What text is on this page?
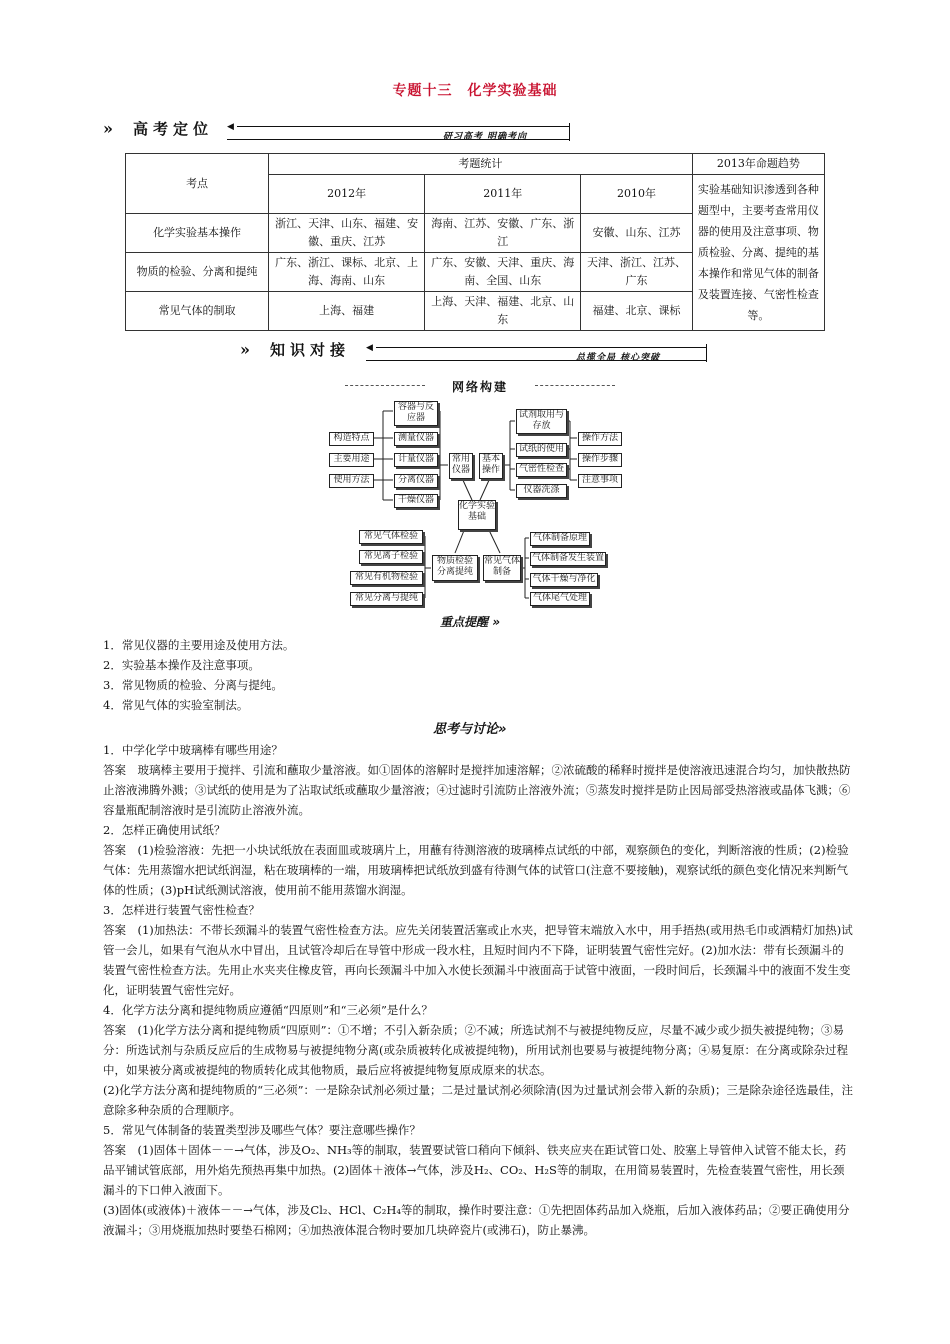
专题十三　化学实验基础
» 高考定位 ◀
研习高考 明确考向
考点	考题统计			2013年命题趋势
	2012年	2011年	2010年	实验基础知识渗透到各种题型中，主要考查常用仪器的使用及注意事项、物质检验、分离、提纯的基本操作和常见气体的制备及装置连接、气密性检查等。
化学实验基本操作	浙江、天津、山东、福建、安徽、重庆、江苏	海南、江苏、安徽、广东、浙江	安徽、山东、江苏	
物质的检验、分离和提纯	广东、浙江、课标、北京、上海、海南、山东	广东、安徽、天津、重庆、海南、全国、山东	天津、浙江、江苏、广东	
常见气体的制取	上海、福建	上海、天津、福建、北京、山东	福建、北京、课标	
» 知识对接 ◀
总揽全局 核心突破
网络构建
构造特点
主要用途
使用方法
容器与反应器
测量仪器
计量仪器
分离仪器
干燥仪器
常用仪器
基本操作
试剂取用与存放
试纸的使用
气密性检查
仪器洗涤
操作方法
操作步骤
注意事项
化学实验基础
常见气体检验
常见离子检验
常见有机物检验
常见分离与提纯
物质检验分离提纯
常见气体制备
气体制备原理
气体制备发生装置
气体干燥与净化
气体尾气处理
重点提醒 »
1．常见仪器的主要用途及使用方法。
2．实验基本操作及注意事项。
3．常见物质的检验、分离与提纯。
4．常见气体的实验室制法。
思考与讨论»

1．中学化学中玻璃棒有哪些用途？

答案　玻璃棒主要用于搅拌、引流和蘸取少量溶液。如①固体的溶解时是搅拌加速溶解；②浓硫酸的稀释时搅拌是使溶液迅速混合均匀，加快散热防止溶液沸腾外溅；③试纸的使用是为了沾取试纸或蘸取少量溶液；④过滤时引流防止溶液外流；⑤蒸发时搅拌是防止因局部受热溶液或晶体飞溅；⑥容量瓶配制溶液时是引流防止溶液外流。

2．怎样正确使用试纸？

答案　(1)检验溶液：先把一小块试纸放在表面皿或玻璃片上，用蘸有待测溶液的玻璃棒点试纸的中部，观察颜色的变化，判断溶液的性质；(2)检验气体：先用蒸馏水把试纸润湿，粘在玻璃棒的一端，用玻璃棒把试纸放到盛有待测气体的试管口(注意不要接触)，观察试纸的颜色变化情况来判断气体的性质；(3)pH试纸测试溶液，使用前不能用蒸馏水润湿。

3．怎样进行装置气密性检查？

答案　(1)加热法：不带长颈漏斗的装置气密性检查方法。应先关闭装置活塞或止水夹，把导管末端放入水中，用手捂热(或用热毛巾或酒精灯加热)试管一会儿，如果有气泡从水中冒出，且试管冷却后在导管中形成一段水柱，且短时间内不下降，证明装置气密性完好。(2)加水法：带有长颈漏斗的装置气密性检查方法。先用止水夹夹住橡皮管，再向长颈漏斗中加入水使长颈漏斗中液面高于试管中液面，一段时间后，长颈漏斗中的液面不发生变化，证明装置气密性完好。

4．化学方法分离和提纯物质应遵循“四原则”和“三必须”是什么？

答案　(1)化学方法分离和提纯物质“四原则”：①不增；不引入新杂质；②不减；所选试剂不与被提纯物反应，尽量不减少或少损失被提纯物；③易分：所选试剂与杂质反应后的生成物易与被提纯物分离(或杂质被转化成被提纯物)，所用试剂也要易与被提纯物分离；④易复原：在分离或除杂过程中，如果被分离或被提纯的物质转化成其他物质，最后应将被提纯物复原成原来的状态。

(2)化学方法分离和提纯物质的“三必须”：一是除杂试剂必须过量；二是过量试剂必须除清(因为过量试剂会带入新的杂质)；三是除杂途径选最佳，注意除多种杂质的合理顺序。

5．常见气体制备的装置类型涉及哪些气体？要注意哪些操作？

答案　(1)固体＋固体－－→气体，涉及O₂、NH₃等的制取，装置要试管口稍向下倾斜、铁夹应夹在距试管口处、胶塞上导管伸入试管不能太长，药品平铺试管底部，用外焰先预热再集中加热。(2)固体＋液体→气体，涉及H₂、CO₂、H₂S等的制取，在用简易装置时，先检查装置气密性，用长颈漏斗的下口伸入液面下。

(3)固体(或液体)＋液体－－→气体，涉及Cl₂、HCl、C₂H₄等的制取，操作时要注意：①先把固体药品加入烧瓶，后加入液体药品；②要正确使用分液漏斗；③用烧瓶加热时要垫石棉网；④加热液体混合物时要加几块碎瓷片(或沸石)，防止暴沸。
